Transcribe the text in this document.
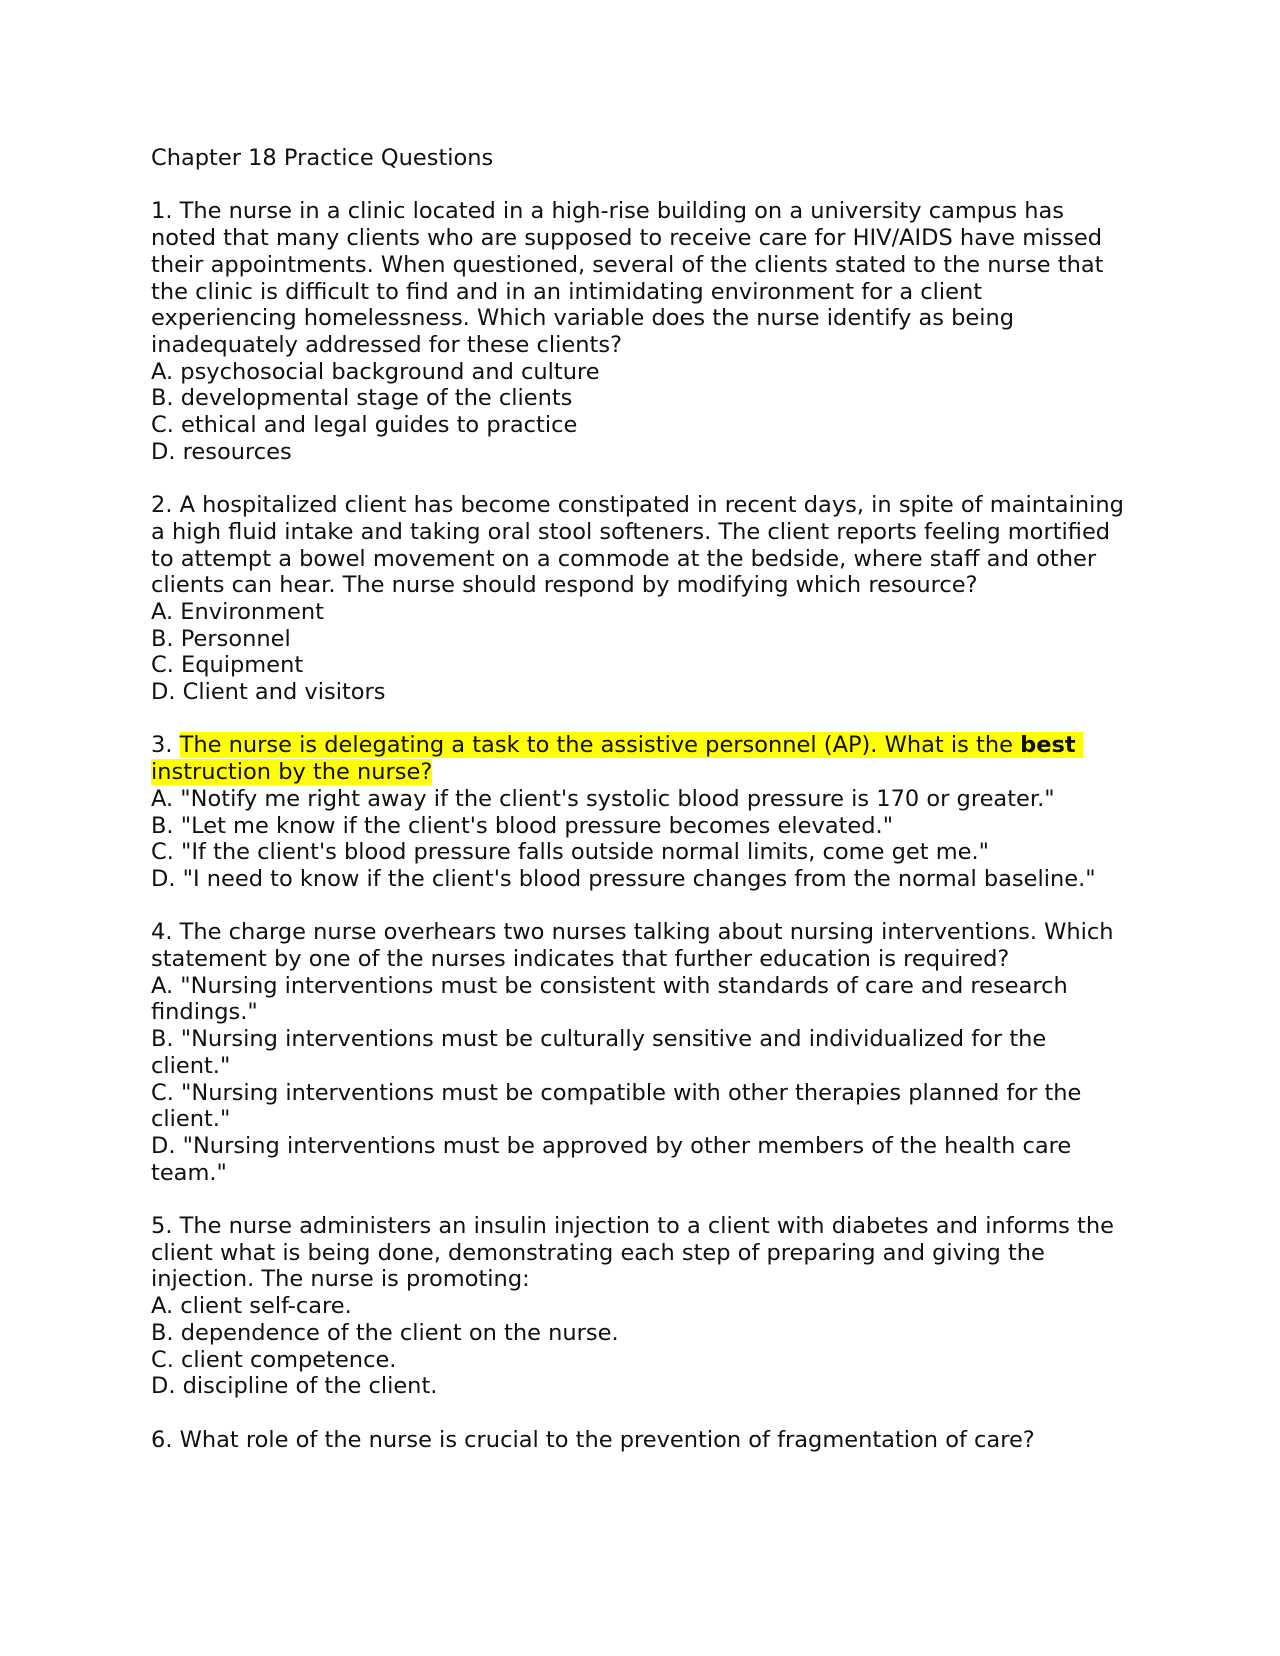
Chapter 18 Practice Questions

1. The nurse in a clinic located in a high-rise building on a university campus has noted that many clients who are supposed to receive care for HIV/AIDS have missed their appointments. When questioned, several of the clients stated to the nurse that the clinic is difficult to find and in an intimidating environment for a client experiencing homelessness. Which variable does the nurse identify as being inadequately addressed for these clients?

A. psychosocial background and culture

B. developmental stage of the clients

C. ethical and legal guides to practice

D. resources

2. A hospitalized client has become constipated in recent days, in spite of maintaining a high fluid intake and taking oral stool softeners. The client reports feeling mortified to attempt a bowel movement on a commode at the bedside, where staff and other clients can hear. The nurse should respond by modifying which resource?

A. Environment

B. Personnel

C. Equipment

D. Client and visitors

3. The nurse is delegating a task to the assistive personnel (AP). What is the best instruction by the nurse?

A. "Notify me right away if the client's systolic blood pressure is 170 or greater."

B. "Let me know if the client's blood pressure becomes elevated."

C. "If the client's blood pressure falls outside normal limits, come get me."

D. "I need to know if the client's blood pressure changes from the normal baseline."

4. The charge nurse overhears two nurses talking about nursing interventions. Which statement by one of the nurses indicates that further education is required?

A. "Nursing interventions must be consistent with standards of care and research findings."

B. "Nursing interventions must be culturally sensitive and individualized for the client."

C. "Nursing interventions must be compatible with other therapies planned for the client."

D. "Nursing interventions must be approved by other members of the health care team."

5. The nurse administers an insulin injection to a client with diabetes and informs the client what is being done, demonstrating each step of preparing and giving the injection. The nurse is promoting:

A. client self-care.

B. dependence of the client on the nurse.

C. client competence.

D. discipline of the client.

6. What role of the nurse is crucial to the prevention of fragmentation of care?
